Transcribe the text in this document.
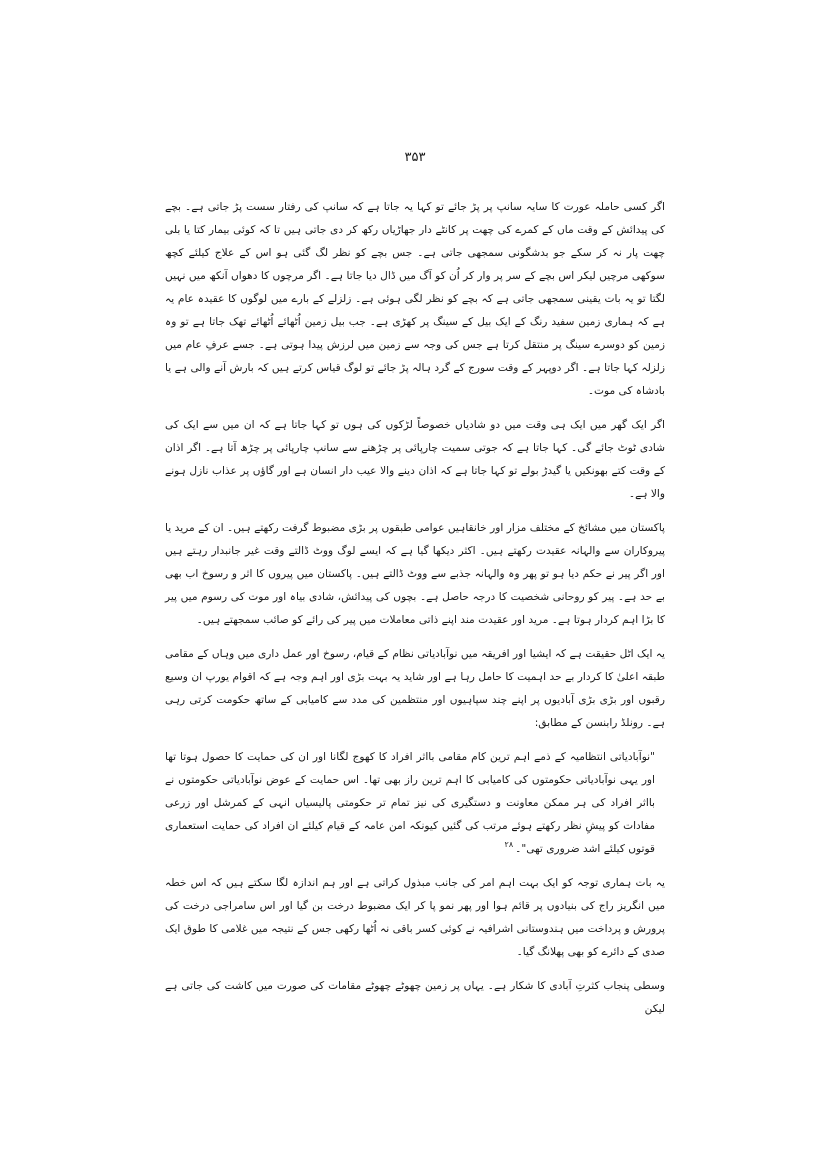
۳۵۳

اگر کسی حاملہ عورت کا سایہ سانپ پر پڑ جائے تو کہا یہ جاتا ہے کہ سانپ کی رفتار سست پڑ جاتی ہے۔ بچے کی پیدائش کے وقت ماں کے کمرے کی چھت پر کانٹے دار جھاڑیاں رکھ کر دی جاتی ہیں تا کہ کوئی بیمار کتا یا بلی چھت پار نہ کر سکے جو بدشگونی سمجھی جاتی ہے۔ جس بچے کو نظر لگ گئی ہو اس کے علاج کیلئے کچھ سوکھی مرچیں لیکر اس بچے کے سر پر وار کر اُن کو آگ میں ڈال دیا جاتا ہے۔ اگر مرچوں کا دھواں آنکھ میں نہیں لگتا تو یہ بات یقینی سمجھی جاتی ہے کہ بچے کو نظر لگی ہوئی ہے۔ زلزلے کے بارے میں لوگوں کا عقیدہ عام یہ ہے کہ ہماری زمین سفید رنگ کے ایک بیل کے سینگ پر کھڑی ہے۔ جب بیل زمین اُٹھائے اُٹھائے تھک جاتا ہے تو وہ زمین کو دوسرے سینگ پر منتقل کرتا ہے جس کی وجہ سے زمین میں لرزش پیدا ہوتی ہے۔ جسے عرفِ عام میں زلزلہ کہا جاتا ہے۔ اگر دوپہر کے وقت سورج کے گرد ہالہ پڑ جائے تو لوگ قیاس کرتے ہیں کہ بارش آنے والی ہے یا بادشاہ کی موت۔

اگر ایک گھر میں ایک ہی وقت میں دو شادیاں خصوصاً لڑکوں کی ہوں تو کہا جاتا ہے کہ ان میں سے ایک کی شادی ٹوٹ جائے گی۔ کہا جاتا ہے کہ جوتی سمیت چارپائی پر چڑھنے سے سانپ چارپائی پر چڑھ آتا ہے۔ اگر اذان کے وقت کتے بھونکیں یا گیدڑ بولے تو کہا جاتا ہے کہ اذان دینے والا عیب دار انسان ہے اور گاؤں پر عذاب نازل ہونے والا ہے۔

پاکستان میں مشائخ کے مختلف مزار اور خانقاہیں عوامی طبقوں پر بڑی مضبوط گرفت رکھتے ہیں۔ ان کے مرید یا پیروکاران سے والہانہ عقیدت رکھتے ہیں۔ اکثر دیکھا گیا ہے کہ ایسے لوگ ووٹ ڈالتے وقت غیر جانبدار رہتے ہیں اور اگر پیر نے حکم دیا ہو تو پھر وہ والہانہ جذبے سے ووٹ ڈالتے ہیں۔ پاکستان میں پیروں کا اثر و رسوخ اب بھی بے حد ہے۔ پیر کو روحانی شخصیت کا درجہ حاصل ہے۔ بچوں کی پیدائش، شادی بیاہ اور موت کی رسوم میں پیر کا بڑا اہم کردار ہوتا ہے۔ مرید اور عقیدت مند اپنے ذاتی معاملات میں پیر کی رائے کو صائب سمجھتے ہیں۔

یہ ایک اٹل حقیقت ہے کہ ایشیا اور افریقہ میں نوآبادیاتی نظام کے قیام، رسوخ اور عمل داری میں وہاں کے مقامی طبقہ اعلیٰ کا کردار بے حد اہمیت کا حامل رہا ہے اور شاید یہ بہت بڑی اور اہم وجہ ہے کہ اقوام یورپ ان وسیع رقبوں اور بڑی بڑی آبادیوں پر اپنے چند سپاہیوں اور منتظمین کی مدد سے کامیابی کے ساتھ حکومت کرتی رہی ہے۔ رونلڈ رابنسن کے مطابق:

"نوآبادیاتی انتظامیہ کے ذمے اہم ترین کام مقامی بااثر افراد کا کھوج لگانا اور ان کی حمایت کا حصول ہوتا تھا اور یہی نوآبادیاتی حکومتوں کی کامیابی کا اہم ترین راز بھی تھا۔ اس حمایت کے عوض نوآبادیاتی حکومتوں نے بااثر افراد کی ہر ممکن معاونت و دستگیری کی نیز تمام تر حکومتی پالیسیاں انہی کے کمرشل اور زرعی مفادات کو پیشِ نظر رکھتے ہوئے مرتب کی گئیں کیونکہ امن عامہ کے قیام کیلئے ان افراد کی حمایت استعماری قوتوں کیلئے اشد ضروری تھی"۔$^{۲۸}$

یہ بات ہماری توجہ کو ایک بہت اہم امر کی جانب مبذول کراتی ہے اور ہم اندازہ لگا سکتے ہیں کہ اس خطہ میں انگریز راج کی بنیادوں پر قائم ہوا اور پھر نمو پا کر ایک مضبوط درخت بن گیا اور اس سامراجی درخت کی پرورش و پرداخت میں ہندوستانی اشرافیہ نے کوئی کسر باقی نہ اُٹھا رکھی جس کے نتیجہ میں غلامی کا طوق ایک صدی کے دائرے کو بھی پھلانگ گیا۔

وسطی پنجاب کثرتِ آبادی کا شکار ہے۔ یہاں پر زمین چھوٹے چھوٹے مقامات کی صورت میں کاشت کی جاتی ہے لیکن
